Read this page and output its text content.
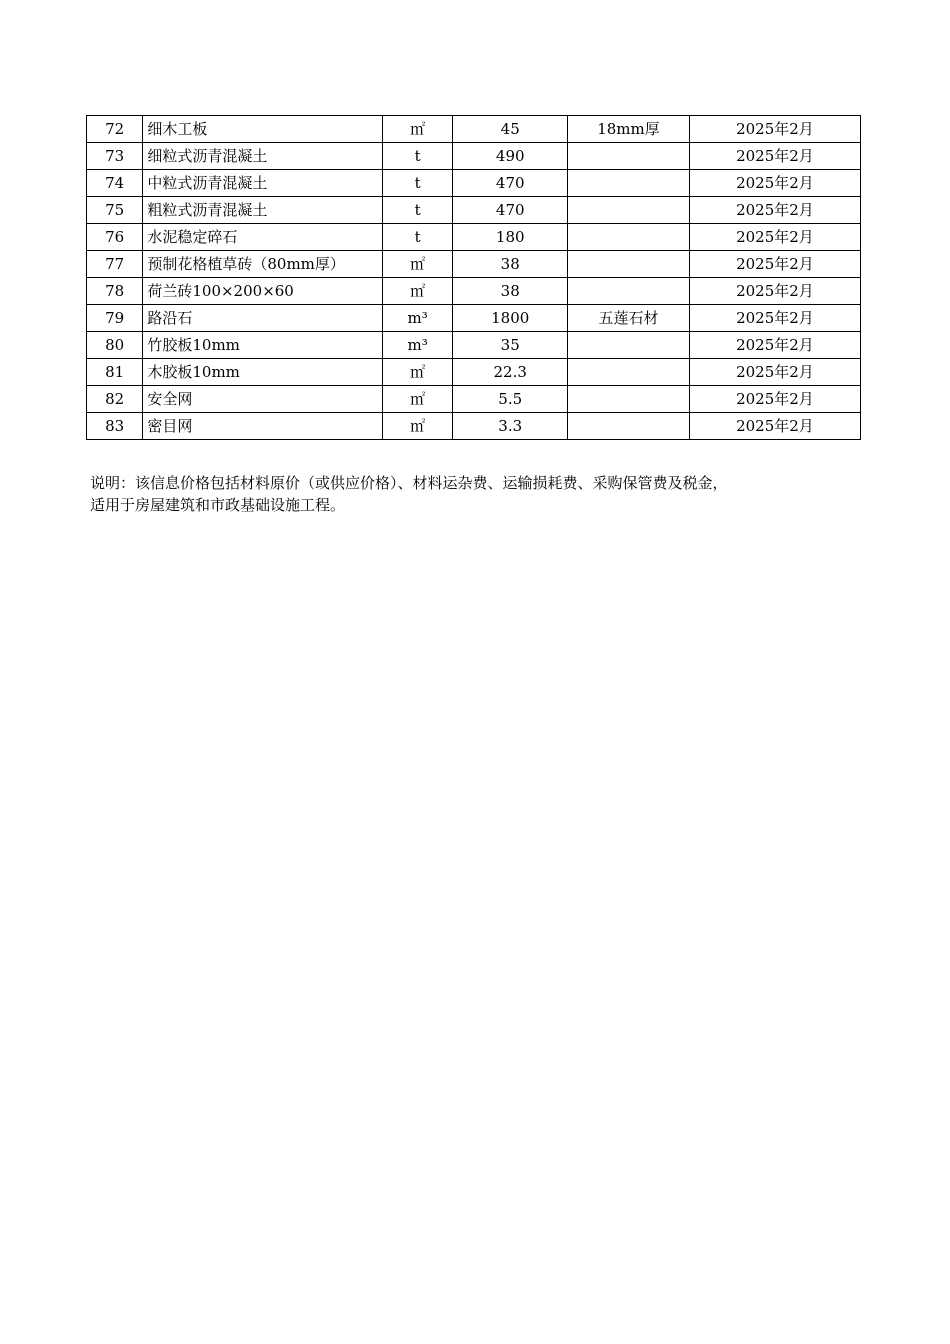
72	细木工板	㎡	45	18mm厚	2025年2月
73	细粒式沥青混凝土	t	490		2025年2月
74	中粒式沥青混凝土	t	470		2025年2月
75	粗粒式沥青混凝土	t	470		2025年2月
76	水泥稳定碎石	t	180		2025年2月
77	预制花格植草砖（80mm厚）	㎡	38		2025年2月
78	荷兰砖100×200×60	㎡	38		2025年2月
79	路沿石	m³	1800	五莲石材	2025年2月
80	竹胶板10mm	m³	35		2025年2月
81	木胶板10mm	㎡	22.3		2025年2月
82	安全网	㎡	5.5		2025年2月
83	密目网	㎡	3.3		2025年2月

说明：该信息价格包括材料原价（或供应价格）、材料运杂费、运输损耗费、采购保管费及税金，

适用于房屋建筑和市政基础设施工程。
